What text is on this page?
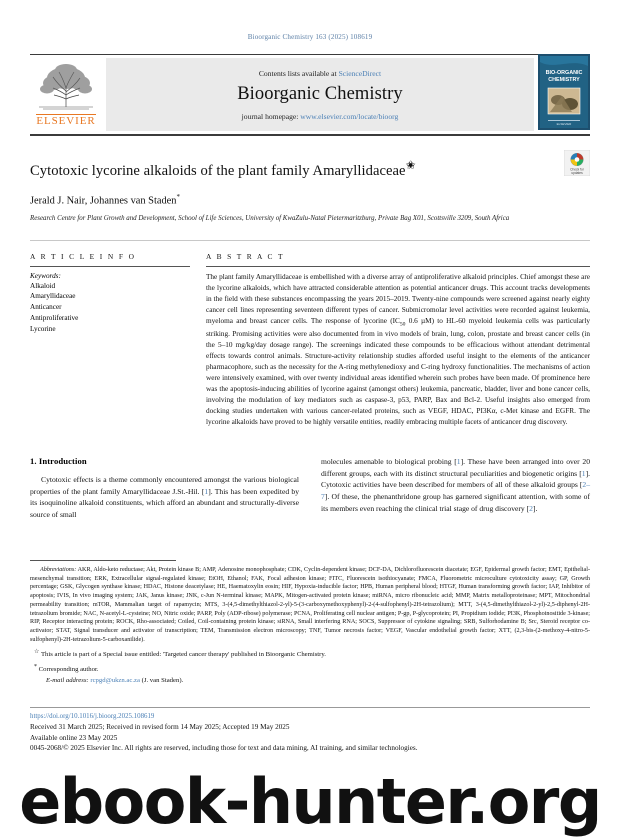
Bioorganic Chemistry 163 (2025) 108619
ELSEVIER
Contents lists available at ScienceDirect
Bioorganic Chemistry
journal homepage: www.elsevier.com/locate/bioorg
BIO-ORGANIC
CHEMISTRY
ELSEVIER
Check for
updates
Cytotoxic lycorine alkaloids of the plant family Amaryllidaceae✬
Jerald J. Nair, Johannes van Staden*
Research Centre for Plant Growth and Development, School of Life Sciences, University of KwaZulu-Natal Pietermaritzburg, Private Bag X01, Scottsville 3209, South Africa
A R T I C L E I N F O
Keywords:
Alkaloid
Amaryllidaceae
Anticancer
Antiproliferative
Lycorine
A B S T R A C T
The plant family Amaryllidaceae is embellished with a diverse array of antiproliferative alkaloid principles. Chief amongst these are the lycorine alkaloids, which have attracted considerable attention as potential anticancer drugs. This account tracks developments in the field with these substances encompassing the years 2015–2019. Twenty-nine compounds were screened against nearly eighty cancer cell lines representing seventeen different types of cancer. Submicromolar level activities were recorded against leukemia, myeloma and breast cancer cells. The response of lycorine ($IC_{50}$ 0.6 µM) to HL-60 myeloid leukemia cells was particularly striking. Promising activities were also documented from in vivo models of brain, lung, colon, prostate and breast cancer cells (in the 5–10 mg/kg/day dosage range). The screenings indicated these compounds to be efficacious without attendant detrimental effects towards control animals. Structure-activity relationship studies afforded useful insight to the elements of the anticancer pharmacophore, such as the necessity for the A-ring methylenedioxy and C-ring hydroxy functionalities. The mechanisms of action were intensively examined, with over twenty individual areas identified wherein such probes have been made. Of prominence here was the apoptosis-inducing abilities of lycorine against (amongst others) leukemia, pancreatic, bladder, liver and bone cancer cells, involving the modulation of key mediators such as caspase-3, p53, PARP, Bax and Bcl-2. Useful insights also emerged from docking studies undertaken with various cancer-related proteins, such as VEGF, HDAC, PI3Kα, c-Met kinase and EGFR. The lycorine alkaloids have proved to be highly versatile entities, readily embracing multiple facets of anticancer drug discovery.
1. Introduction

Cytotoxic effects is a theme commonly encountered amongst the various biological properties of the plant family Amaryllidaceae J.St.-Hil. [1]. This has been expedited by its isoquinoline alkaloid constituents, which afford an abundant and structurally-diverse source of small

molecules amenable to biological probing [1]. These have been arranged into over 20 different groups, each with its distinct structural peculiarities and biogenetic origins [1]. Cytotoxic activities have been described for members of all of these alkaloid groups [2–7]. Of these, the phenanthridone group has garnered significant attention, with some of its members even reaching the clinical trial stage of drug discovery [2].

Abbreviations: AKR, Aldo-keto reductase; Akt, Protein kinase B; AMP, Adenosine monophosphate; CDK, Cyclin-dependent kinase; DCF-DA, Dichlorofluorescein diacetate; EGF, Epidermal growth factor; EMT, Epithelial-mesenchymal transition; ERK, Extracellular signal-regulated kinase; EtOH, Ethanol; FAK, Focal adhesion kinase; FITC, Fluorescein isothiocyanate; FMCA, Fluorometric microculture cytotoxicity assay; GP, Growth percentage; GSK, Glycogen synthase kinase; HDAC, Histone deacetylase; HE, Haematoxylin eosin; HIF, Hypoxia-inducible factor; HPB, Human peripheral blood; HTGF, Human transforming growth factor; IAP, Inhibitor of apoptosis; IVIS, In vivo imaging system; JAK, Janus kinase; JNK, c-Jun N-terminal kinase; MAPK, Mitogen-activated protein kinase; miRNA, micro ribonucleic acid; MMP, Matrix metalloproteinase; MPT, Mitochondrial permeability transition; mTOR, Mammalian target of rapamycin; MTS, 3-(4,5-dimethylthiazol-2-yl)-5-(3-carboxymethoxyphenyl)-2-(4-sulfophenyl)-2H-tetrazolium); MTT, 3-(4,5-dimethylthiazol-2-yl)-2,5-diphenyl-2H-tetrazolium bromide; NAC, N-acetyl-L-cysteine; NO, Nitric oxide; PARP, Poly (ADP-ribose) polymerase; PCNA, Proliferating cell nuclear antigen; P-gp, P-glycoprotein; PI, Propidium iodide; PI3K, Phosphoinositide 3-kinase; RIP, Receptor interacting protein; ROCK, Rho-associated; Coiled, Coil-containing protein kinase; siRNA, Small interfering RNA; SOCS, Suppressor of cytokine signaling; SRB, Sulforhodamine B; Src, Steroid receptor co-activator; STAT, Signal transducer and activator of transcription; TEM, Transmission electron microscopy; TNF, Tumor necrosis factor; VEGF, Vascular endothelial growth factor; XTT, (2,3-bis-(2-methoxy-4-nitro-5-sulfophenyl)-2H-tetrazolium-5-carboxanilide).
☆ This article is part of a Special issue entitled: 'Targeted cancer therapy' published in Bioorganic Chemistry.
* Corresponding author.
E-mail address: rcpgd@ukzn.ac.za (J. van Staden).
https://doi.org/10.1016/j.bioorg.2025.108619
Received 31 March 2025; Received in revised form 14 May 2025; Accepted 19 May 2025
Available online 23 May 2025
0045-2068/© 2025 Elsevier Inc. All rights are reserved, including those for text and data mining, AI training, and similar technologies.
ebook-hunter.org
